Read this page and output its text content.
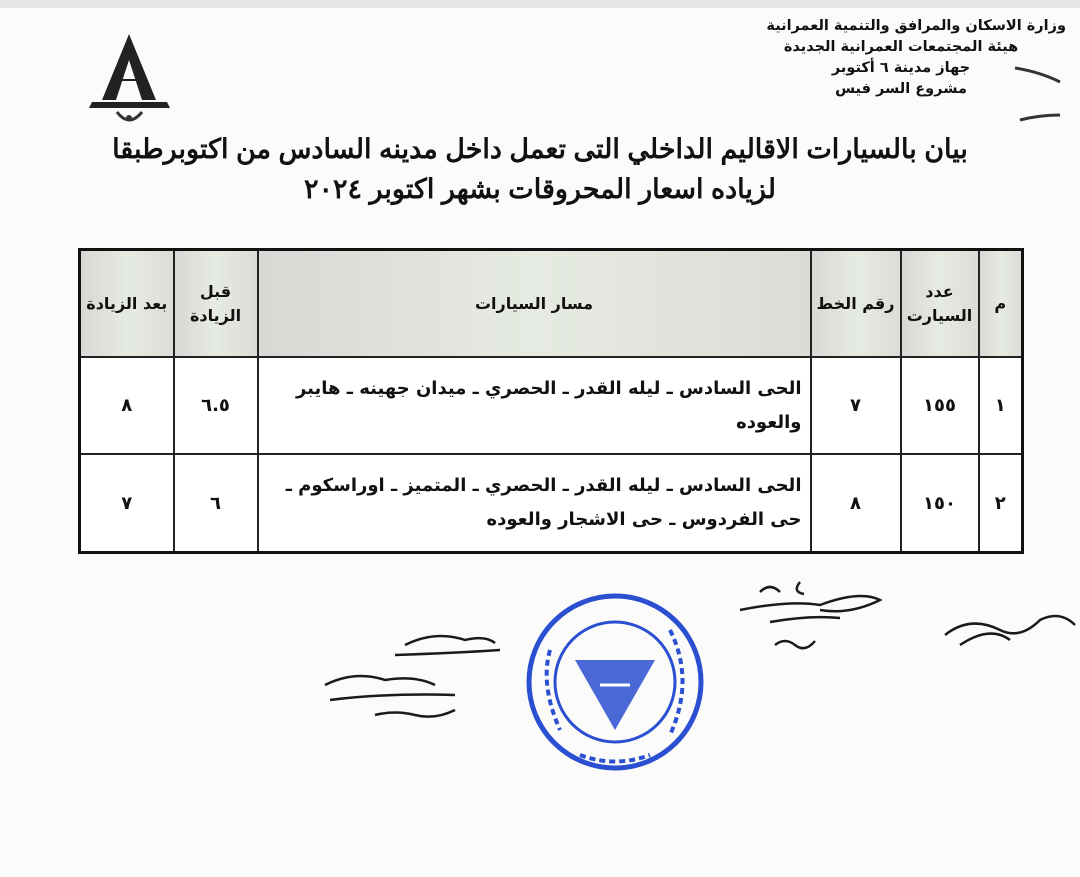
وزارة الاسكان والمرافق والتنمية العمرانية
هيئة المجتمعات العمرانية الجديدة
جهاز مدينة ٦ أكتوبر
مشروع السر فيس
بيان بالسيارات الاقاليم الداخلي التى تعمل داخل مدينه السادس من اكتوبرطبقا
لزياده اسعار المحروقات بشهر اكتوبر ٢٠٢٤
م	عدد السيارت	رقم الخط	مسار السيارات	قبل الزيادة	بعد الزيادة
١	١٥٥	٧	الحى السادس ـ ليله القدر ـ الحصري ـ ميدان جهينه ـ هايبر والعوده	٦.٥	٨
٢	١٥٠	٨	الحى السادس ـ ليله القدر ـ الحصري ـ المتميز ـ اوراسكوم ـ حى الفردوس ـ حى الاشجار والعوده	٦	٧
